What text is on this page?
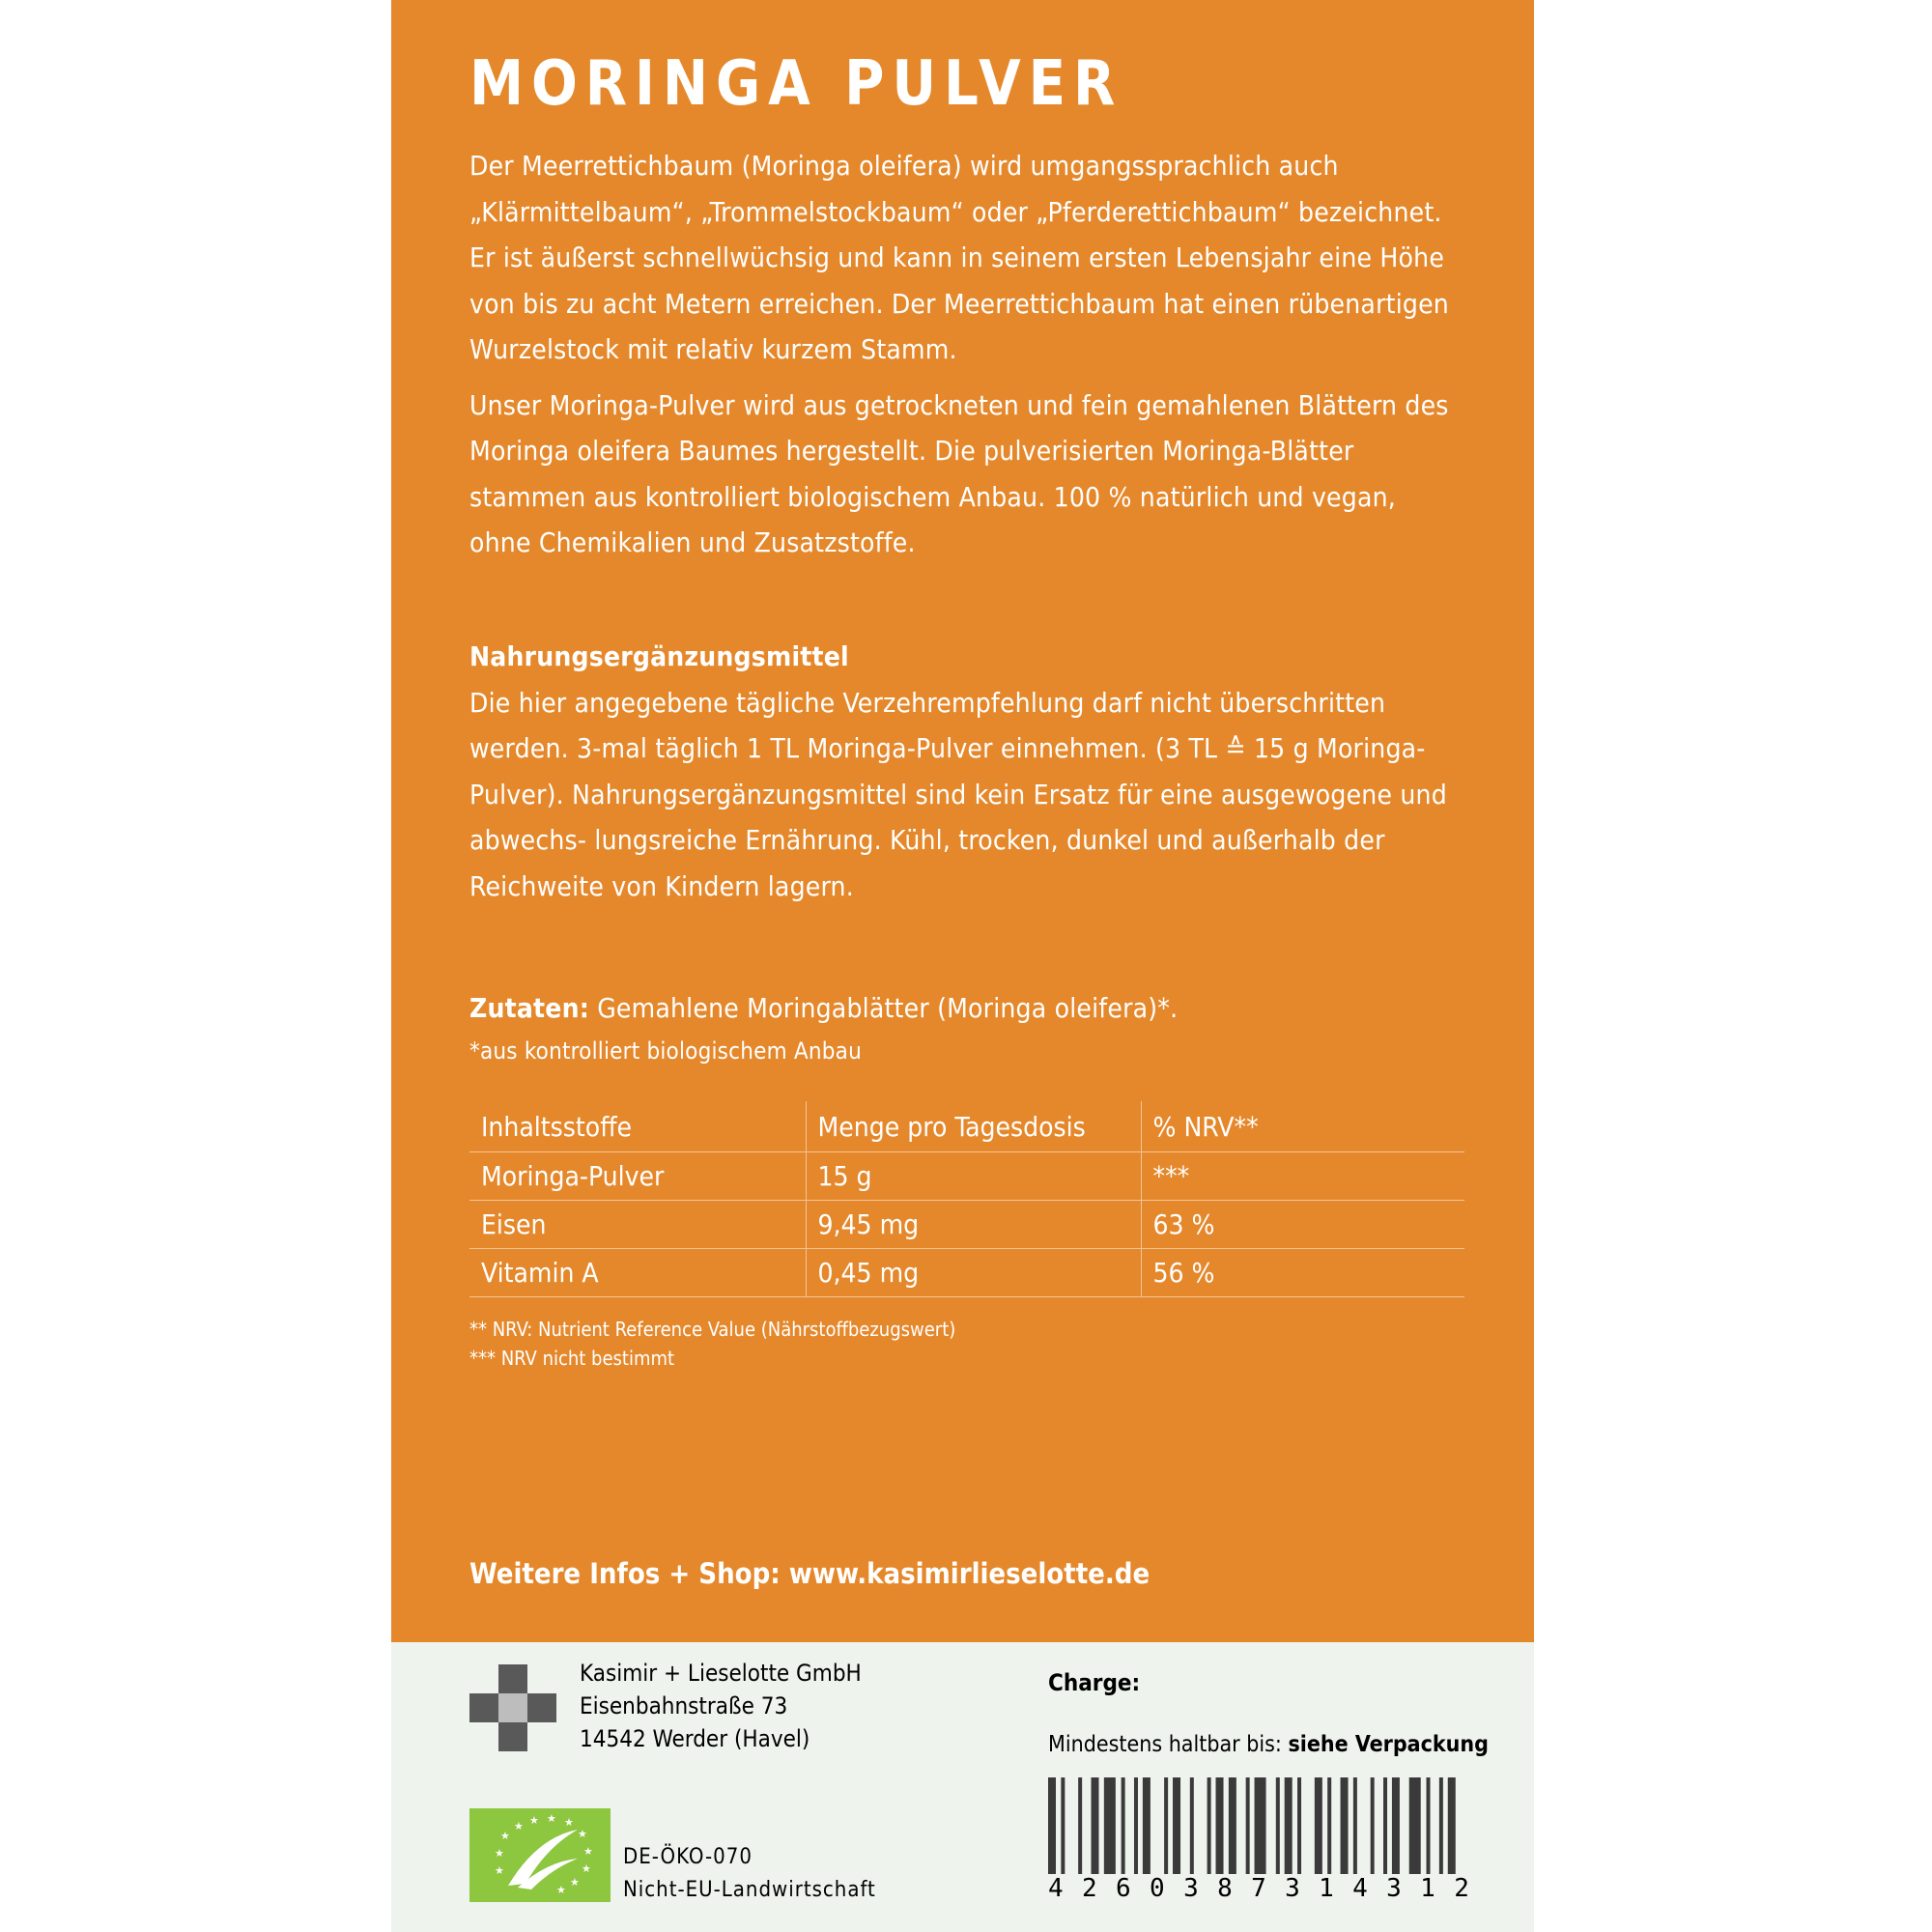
MORINGA PULVER

Der Meerrettichbaum (Moringa oleifera) wird umgangssprachlich auch „Klärmittelbaum“, „Trommelstockbaum“ oder „Pferderettichbaum“ bezeichnet. Er ist äußerst schnellwüchsig und kann in seinem ersten Lebensjahr eine Höhe von bis zu acht Metern erreichen. Der Meerrettichbaum hat einen rübenartigen Wurzelstock mit relativ kurzem Stamm.

Unser Moringa-Pulver wird aus getrockneten und fein gemahlenen Blättern des Moringa oleifera Baumes hergestellt. Die pulverisierten Moringa-Blätter stammen aus kontrolliert biologischem Anbau. 100 % natürlich und vegan, ohne Chemikalien und Zusatzstoffe.

Nahrungsergänzungsmittel

Die hier angegebene tägliche Verzehrempfehlung darf nicht überschritten werden. 3-mal täglich 1 TL Moringa-Pulver einnehmen. (3 TL ≙ 15 g Moringa-Pulver). Nahrungsergänzungsmittel sind kein Ersatz für eine ausgewogene und abwechs- lungsreiche Ernährung. Kühl, trocken, dunkel und außerhalb der Reichweite von Kindern lagern.

Zutaten: Gemahlene Moringablätter (Moringa oleifera)*.

*aus kontrolliert biologischem Anbau
Inhaltsstoffe	Menge pro Tagesdosis	% NRV**
Moringa-Pulver	15 g	***
Eisen	9,45 mg	63 %
Vitamin A	0,45 mg	56 %
** NRV: Nutrient Reference Value (Nährstoffbezugswert)
*** NRV nicht bestimmt
Weitere Infos + Shop: www.kasimirlieselotte.de
Kasimir + Lieselotte GmbH
Eisenbahnstraße 73
14542 Werder (Havel)
Charge:
Mindestens haltbar bis: siehe Verpackung
4 2 6 0 3 8 7 3 1 4 3 1 2
★
★ ★ ★ ★
★
★
★
★
★
★
★
DE-ÖKO-070
Nicht-EU-Landwirtschaft
